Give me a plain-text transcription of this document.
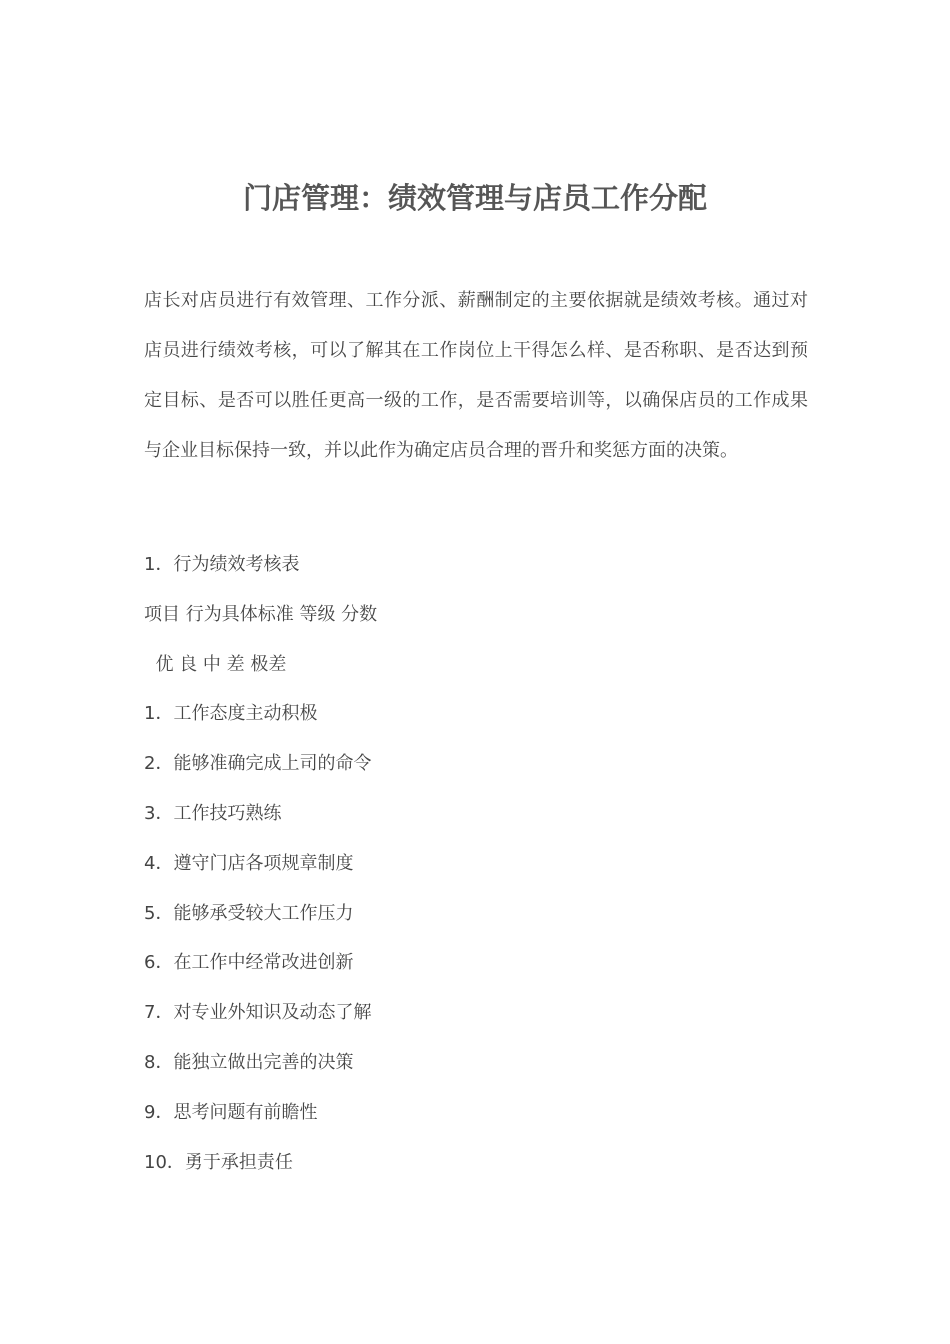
门店管理：绩效管理与店员工作分配

店长对店员进行有效管理、工作分派、薪酬制定的主要依据就是绩效考核。通过对店员进行绩效考核，可以了解其在工作岗位上干得怎么样、是否称职、是否达到预定目标、是否可以胜任更高一级的工作，是否需要培训等，以确保店员的工作成果与企业目标保持一致，并以此作为确定店员合理的晋升和奖惩方面的决策。

1．行为绩效考核表
项目 行为具体标准 等级 分数
优 良 中 差 极差
1．工作态度主动积极
2．能够准确完成上司的命令
3．工作技巧熟练
4．遵守门店各项规章制度
5．能够承受较大工作压力
6．在工作中经常改进创新
7．对专业外知识及动态了解
8．能独立做出完善的决策
9．思考问题有前瞻性
10．勇于承担责任
